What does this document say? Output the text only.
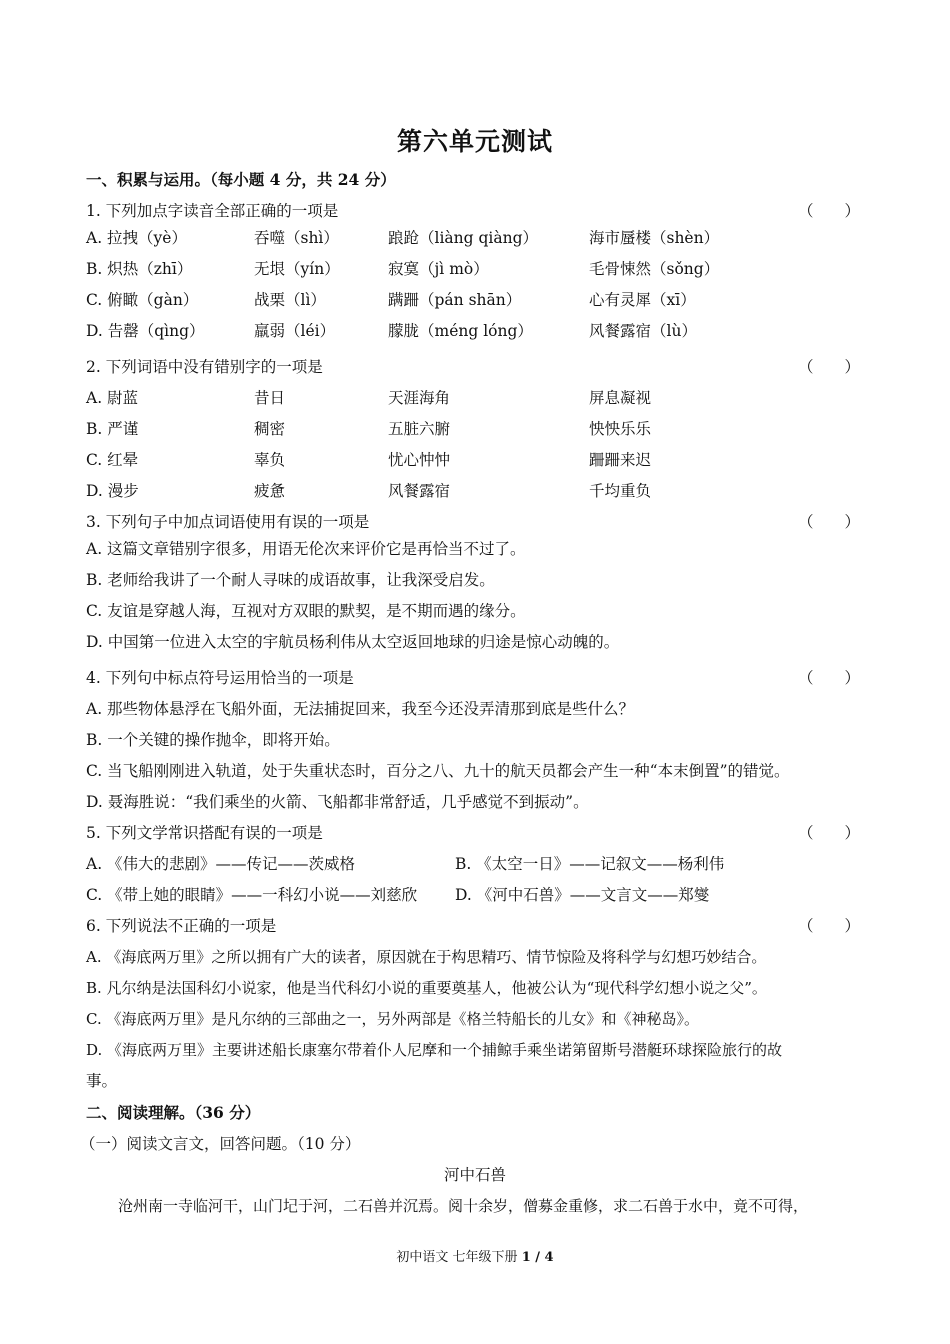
第六单元测试
一、积累与运用。（每小题 4 分，共 24 分）
1. 下列加点字读音全部正确的一项是	（　　）
A. 拉拽（yè）	吞噬（shì）	踉跄（liàng qiàng）	海市蜃楼（shèn）
B. 炽热（zhī）	无垠（yín）	寂寞（jì mò）	毛骨悚然（sǒng）
C. 俯瞰（gàn）	战栗（lì）	蹒跚（pán shān）	心有灵犀（xī）
D. 告罄（qìng）	羸弱（léi）	朦胧（méng lóng）	风餐露宿（lù）
2. 下列词语中没有错别字的一项是	（　　）
A. 尉蓝	昔日	天涯海角	屏息凝视
B. 严谨	稠密	五脏六腑	怏怏乐乐
C. 红晕	辜负	忧心忡忡	跚跚来迟
D. 漫步	疲惫	风餐露宿	千均重负
3. 下列句子中加点词语使用有误的一项是	（　　）
A. 这篇文章错别字很多，用语无伦次来评价它是再恰当不过了。
B. 老师给我讲了一个耐人寻味的成语故事，让我深受启发。
C. 友谊是穿越人海，互视对方双眼的默契，是不期而遇的缘分。
D. 中国第一位进入太空的宇航员杨利伟从太空返回地球的归途是惊心动魄的。
4. 下列句中标点符号运用恰当的一项是	（　　）
A. 那些物体悬浮在飞船外面，无法捕捉回来，我至今还没弄清那到底是些什么？
B. 一个关键的操作抛伞，即将开始。
C. 当飞船刚刚进入轨道，处于失重状态时，百分之八、九十的航天员都会产生一种“本末倒置”的错觉。
D. 聂海胜说：“我们乘坐的火箭、飞船都非常舒适，几乎感觉不到振动”。
5. 下列文学常识搭配有误的一项是	（　　）
A. 《伟大的悲剧》——传记——茨威格	B. 《太空一日》——记叙文——杨利伟
C. 《带上她的眼睛》——一科幻小说——刘慈欣 D. 《河中石兽》——文言文——郑燮
6. 下列说法不正确的一项是	（　　）
A. 《海底两万里》之所以拥有广大的读者，原因就在于构思精巧、情节惊险及将科学与幻想巧妙结合。
B. 凡尔纳是法国科幻小说家，他是当代科幻小说的重要奠基人，他被公认为“现代科学幻想小说之父”。
C. 《海底两万里》是凡尔纳的三部曲之一，另外两部是《格兰特船长的儿女》和《神秘岛》。
D. 《海底两万里》主要讲述船长康塞尔带着仆人尼摩和一个捕鲸手乘坐诺第留斯号潜艇环球探险旅行的故
事。
二、阅读理解。（36 分）
（一）阅读文言文，回答问题。（10 分）
河中石兽
沧州南一寺临河干，山门圮于河，二石兽并沉焉。阅十余岁，僧募金重修，求二石兽于水中，竟不可得，
初中语文 七年级下册 1 / 4
